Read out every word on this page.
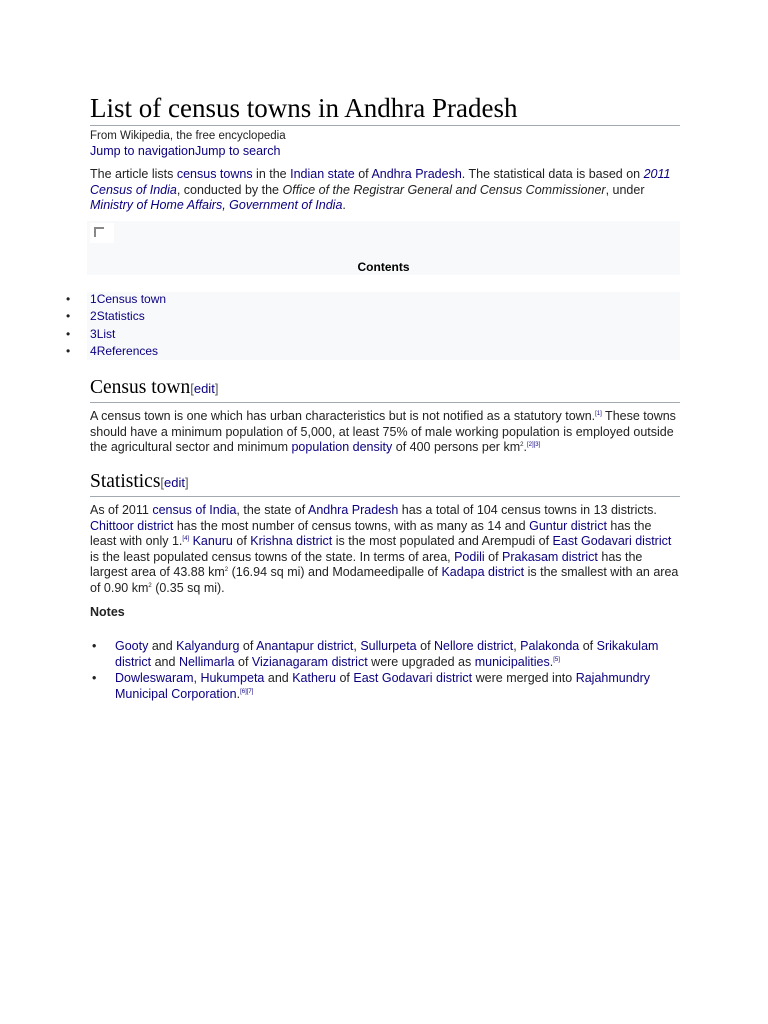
List of census towns in Andhra Pradesh
From Wikipedia, the free encyclopedia
Jump to navigationJump to search

The article lists census towns in the Indian state of Andhra Pradesh. The statistical data is based on 2011 Census of India, conducted by the Office of the Registrar General and Census Commissioner, under Ministry of Home Affairs, Government of India.

Contents
• 1Census town
• 2Statistics
• 3List
• 4References
Census town[edit]

A census town is one which has urban characteristics but is not notified as a statutory town.[1] These towns should have a minimum population of 5,000, at least 75% of male working population is employed outside the agricultural sector and minimum population density of 400 persons per $km^2.[2][3]$

Statistics[edit]

As of 2011 census of India, the state of Andhra Pradesh has a total of 104 census towns in 13 districts. Chittoor district has the most number of census towns, with as many as 14 and Guntur district has the least with only 1.[4] Kanuru of Krishna district is the most populated and Arempudi of East Godavari district is the least populated census towns of the state. In terms of area, Podili of Prakasam district has the largest area of 43.88 $km^2$ (16.94 sq mi) and Modameedipalle of Kadapa district is the smallest with an area of 0.90 $km^2$ (0.35 sq mi).

Notes
• Gooty and Kalyandurg of Anantapur district, Sullurpeta of Nellore district, Palakonda of Srikakulam district and Nellimarla of Vizianagaram district were upgraded as municipalities.[5]
• Dowleswaram, Hukumpeta and Katheru of East Godavari district were merged into Rajahmundry Municipal Corporation.[6][7]
